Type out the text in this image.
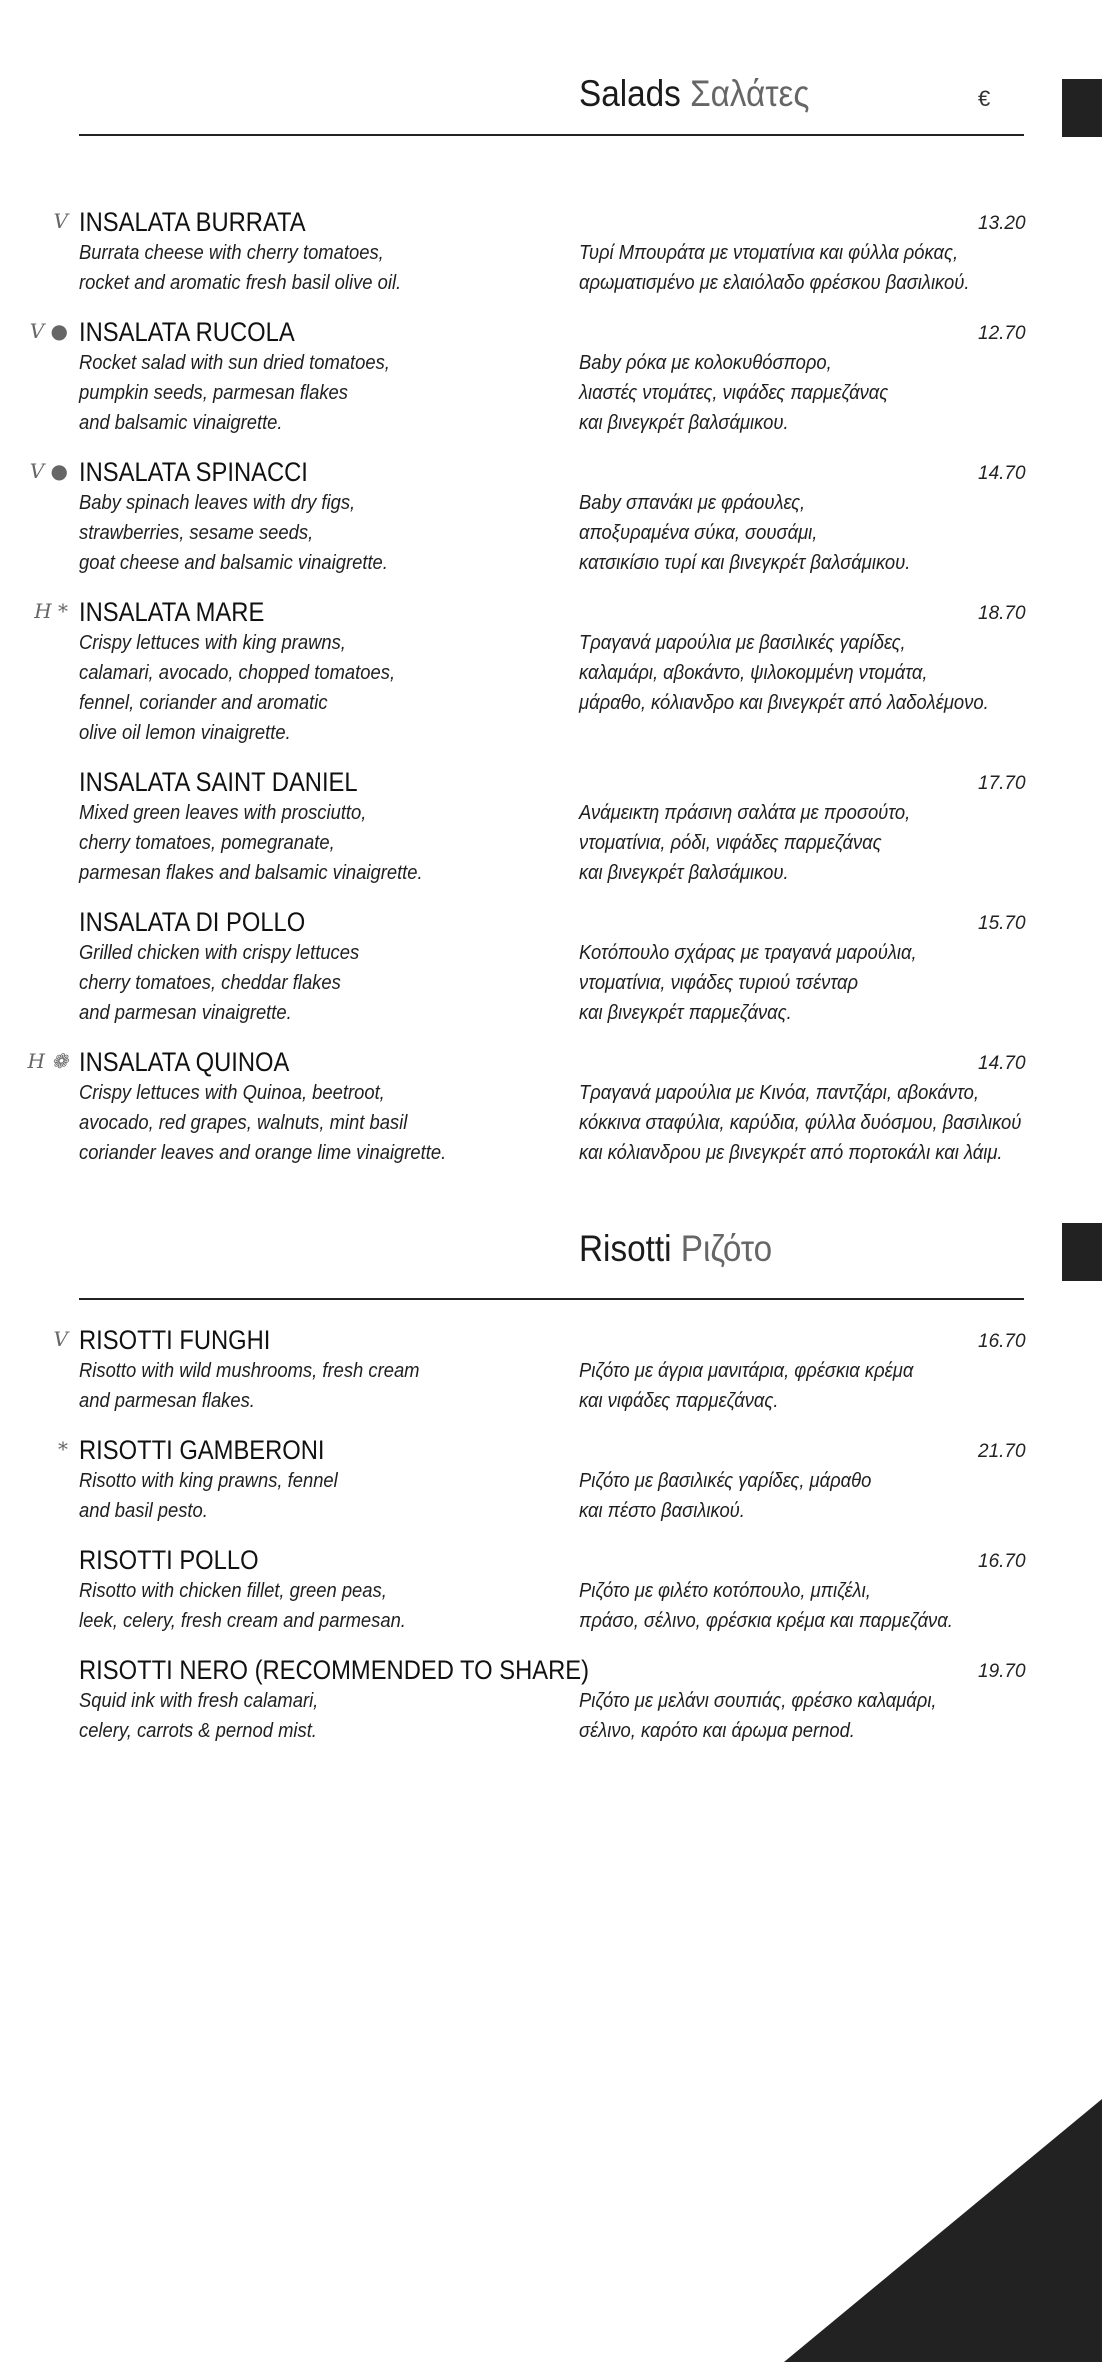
Salads Σαλάτες	€
V INSALATA BURRATA	13.20
Burrata cheese with cherry tomatoes,
rocket and aromatic fresh basil olive oil.
Τυρί Μπουράτα με ντοματίνια και φύλλα ρόκας,
αρωματισμένο με ελαιόλαδο φρέσκου βασιλικού.
V ● INSALATA RUCOLA	12.70
Rocket salad with sun dried tomatoes,
pumpkin seeds, parmesan flakes
and balsamic vinaigrette.
Baby ρόκα με κολοκυθόσπορο,
λιαστές ντομάτες, νιφάδες παρμεζάνας
και βινεγκρέτ βαλσάμικου.
V ● INSALATA SPINACCI	14.70
Baby spinach leaves with dry figs,
strawberries, sesame seeds,
goat cheese and balsamic vinaigrette.
Baby σπανάκι με φράουλες,
αποξυραμένα σύκα, σουσάμι,
κατσικίσιο τυρί και βινεγκρέτ βαλσάμικου.
H * INSALATA MARE	18.70
Crispy lettuces with king prawns,
calamari, avocado, chopped tomatoes,
fennel, coriander and aromatic
olive oil lemon vinaigrette.
Τραγανά μαρούλια με βασιλικές γαρίδες,
καλαμάρι, αβοκάντο, ψιλοκομμένη ντομάτα,
μάραθο, κόλιανδρο και βινεγκρέτ από λαδολέμονο.
INSALATA SAINT DANIEL	17.70
Mixed green leaves with prosciutto,
cherry tomatoes, pomegranate,
parmesan flakes and balsamic vinaigrette.
Ανάμεικτη πράσινη σαλάτα με προσούτο,
ντοματίνια, ρόδι, νιφάδες παρμεζάνας
και βινεγκρέτ βαλσάμικου.
INSALATA DI POLLO	15.70
Grilled chicken with crispy lettuces
cherry tomatoes, cheddar flakes
and parmesan vinaigrette.
Κοτόπουλο σχάρας με τραγανά μαρούλια,
ντοματίνια, νιφάδες τυριού τσένταρ
και βινεγκρέτ παρμεζάνας.
H ❁ INSALATA QUINOA	14.70
Crispy lettuces with Quinoa, beetroot,
avocado, red grapes, walnuts, mint basil
coriander leaves and orange lime vinaigrette.
Τραγανά μαρούλια με Κινόα, παντζάρι, αβοκάντο,
κόκκινα σταφύλια, καρύδια, φύλλα δυόσμου, βασιλικού
και κόλιανδρου με βινεγκρέτ από πορτοκάλι και λάιμ.
Risotti Ριζότο
V RISOTTI FUNGHI	16.70
Risotto with wild mushrooms, fresh cream
and parmesan flakes.
Ριζότο με άγρια μανιτάρια, φρέσκια κρέμα
και νιφάδες παρμεζάνας.
* RISOTTI GAMBERONI	21.70
Risotto with king prawns, fennel
and basil pesto.
Ριζότο με βασιλικές γαρίδες, μάραθο
και πέστο βασιλικού.
RISOTTI POLLO	16.70
Risotto with chicken fillet, green peas,
leek, celery, fresh cream and parmesan.
Ριζότο με φιλέτο κοτόπουλο, μπιζέλι,
πράσο, σέλινο, φρέσκια κρέμα και παρμεζάνα.
RISOTTI NERO (RECOMMENDED TO SHARE)	19.70
Squid ink with fresh calamari,
celery, carrots & pernod mist.
Ριζότο με μελάνι σουπιάς, φρέσκο καλαμάρι,
σέλινο, καρότο και άρωμα pernod.
